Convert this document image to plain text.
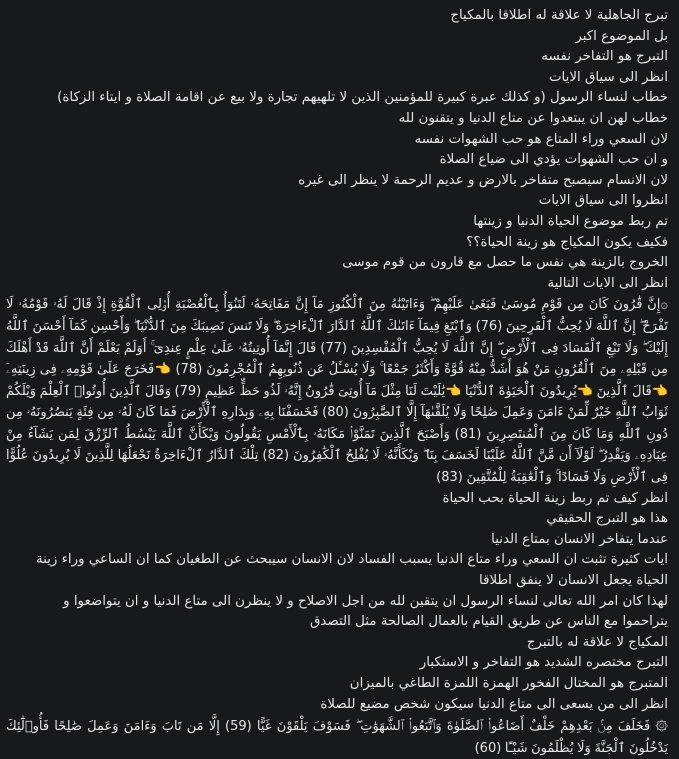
تبرج الجاهلية لا علاقة له اطلاقا بالمكياج
بل الموضوع اكبر
التبرج هو التفاخر نفسه
انظر الى سياق الايات
خطاب لنساء الرسول (و كذلك عبرة كبيرة للمؤمنين الذين لا تلهيهم تجارة ولا بيع عن اقامة الصلاة و ايتاء الزكاة)
خطاب لهن ان يبتعدوا عن متاع الدنيا و يتقنون لله
لان السعي وراء المتاع هو حب الشهوات نفسه
و ان حب الشهوات يؤدي الى ضياع الصلاة
لان الانسام سيصبح متفاخر بالارض و عديم الرحمة لا ينظر الى غيره
انظروا الى سياق الايات
تم ربط موضوع الحياة الدنيا و زينتها
فكيف يكون المكياج هو زينة الحياة؟؟
الخروج بالزينة هي نفس ما حصل مع قارون من قوم موسى
انظر الى الايات التالية
۞إِنَّ قَٰرُونَ كَانَ مِن قَوْمِ مُوسَىٰ فَبَغَىٰ عَلَيْهِمْ ۖ وَءَاتَيْنَٰهُ مِنَ ٱلْكُنُوزِ مَآ إِنَّ مَفَاتِحَهُۥ لَتَنُوٓأُ بِٱلْعُصْبَةِ أُو۟لِى ٱلْقُوَّةِ إِذْ قَالَ لَهُۥ قَوْمُهُۥ لَا تَفْرَحْ ۖ إِنَّ ٱللَّهَ لَا يُحِبُّ ٱلْفَرِحِينَ (76) وَٱبْتَغِ فِيمَآ ءَاتَىٰكَ ٱللَّهُ ٱلدَّارَ ٱلْءَاخِرَةَ ۖ وَلَا تَنسَ نَصِيبَكَ مِنَ ٱلدُّنْيَا ۖ وَأَحْسِن كَمَآ أَحْسَنَ ٱللَّهُ إِلَيْكَ ۖ وَلَا تَبْغِ ٱلْفَسَادَ فِى ٱلْأَرْضِ ۖ إِنَّ ٱللَّهَ لَا يُحِبُّ ٱلْمُفْسِدِينَ (77) قَالَ إِنَّمَآ أُوتِيتُهُۥ عَلَىٰ عِلْمٍ عِندِىٓ ۚ أَوَلَمْ يَعْلَمْ أَنَّ ٱللَّهَ قَدْ أَهْلَكَ مِن قَبْلِهِۦ مِنَ ٱلْقُرُونِ مَنْ هُوَ أَشَدُّ مِنْهُ قُوَّةً وَأَكْثَرُ جَمْعًا ۚ وَلَا يُسْـَٔلُ عَن ذُنُوبِهِمُ ٱلْمُجْرِمُونَ (78) 👈فَخَرَجَ عَلَىٰ قَوْمِهِۦ فِى زِينَتِهِۦٓ 👈قَالَ ٱلَّذِينَ 👈يُرِيدُونَ ٱلْحَيَوٰةَ ٱلدُّنْيَا 👈يَٰلَيْتَ لَنَا مِثْلَ مَآ أُوتِىَ قَٰرُونُ إِنَّهُۥ لَذُو حَظٍّ عَظِيمٍ (79) وَقَالَ ٱلَّذِينَ أُوتُوا۟ ٱلْعِلْمَ وَيْلَكُمْ ثَوَابُ ٱللَّهِ خَيْرٌ لِّمَنْ ءَامَنَ وَعَمِلَ صَٰلِحًا وَلَا يُلَقَّىٰهَآ إِلَّا ٱلصَّٰبِرُونَ (80) فَخَسَفْنَا بِهِۦ وَبِدَارِهِ ٱلْأَرْضَ فَمَا كَانَ لَهُۥ مِن فِئَةٍ يَنصُرُونَهُۥ مِن دُونِ ٱللَّهِ وَمَا كَانَ مِنَ ٱلْمُنتَصِرِينَ (81) وَأَصْبَحَ ٱلَّذِينَ تَمَنَّوْا۟ مَكَانَهُۥ بِٱلْأَمْسِ يَقُولُونَ وَيْكَأَنَّ ٱللَّهَ يَبْسُطُ ٱلرِّزْقَ لِمَن يَشَآءُ مِنْ عِبَادِهِۦ وَيَقْدِرُ ۖ لَوْلَآ أَن مَّنَّ ٱللَّهُ عَلَيْنَا لَخَسَفَ بِنَا ۖ وَيْكَأَنَّهُۥ لَا يُفْلِحُ ٱلْكَٰفِرُونَ (82) تِلْكَ ٱلدَّارُ ٱلْءَاخِرَةُ نَجْعَلُهَا لِلَّذِينَ لَا يُرِيدُونَ عُلُوًّا فِى ٱلْأَرْضِ وَلَا فَسَادًا ۚ وَٱلْعَٰقِبَةُ لِلْمُتَّقِينَ (83)
انظر كيف تم ربط زينة الحياة بحب الحياة
هذا هو التبرج الحقيقي
عندما يتفاخر الانسان بمتاع الدنيا
ايات كثيرة تثبت ان السعي وراء متاع الدنيا يسبب الفساد لان الانسان سيبحث عن الطغيان كما ان الساعي وراء زينة
الحياة يجعل الانسان لا ينفق اطلاقا
لهذا كان امر الله تعالى لنساء الرسول ان يتقين لله من اجل الاصلاح و لا ينظرن الى متاع الدنيا و ان يتواضعوا و
يتراحموا مع الناس عن طريق القيام بالعمال الصالحة مثل التصدق
المكياج لا علاقة له بالتبرج
التبرج مختصره الشديد هو التفاخر و الاستكبار
المتبرج هو المختال الفخور الهمزة اللمزة الطاغي بالميزان
انظر الى من يسعى الى متاع الدنيا سيكون شخص مضيع للصلاة
۞ فَخَلَفَ مِنۢ بَعْدِهِمْ خَلْفٌ أَضَاعُوا۟ ٱلصَّلَوٰةَ وَٱتَّبَعُوا۟ ٱلشَّهَوَٰتِ ۖ فَسَوْفَ يَلْقَوْنَ غَيًّا (59) إِلَّا مَن تَابَ وَءَامَنَ وَعَمِلَ صَٰلِحًا فَأُو۟لَٰٓئِكَ يَدْخُلُونَ ٱلْجَنَّةَ وَلَا يُظْلَمُونَ شَيْـًٔا (60)
